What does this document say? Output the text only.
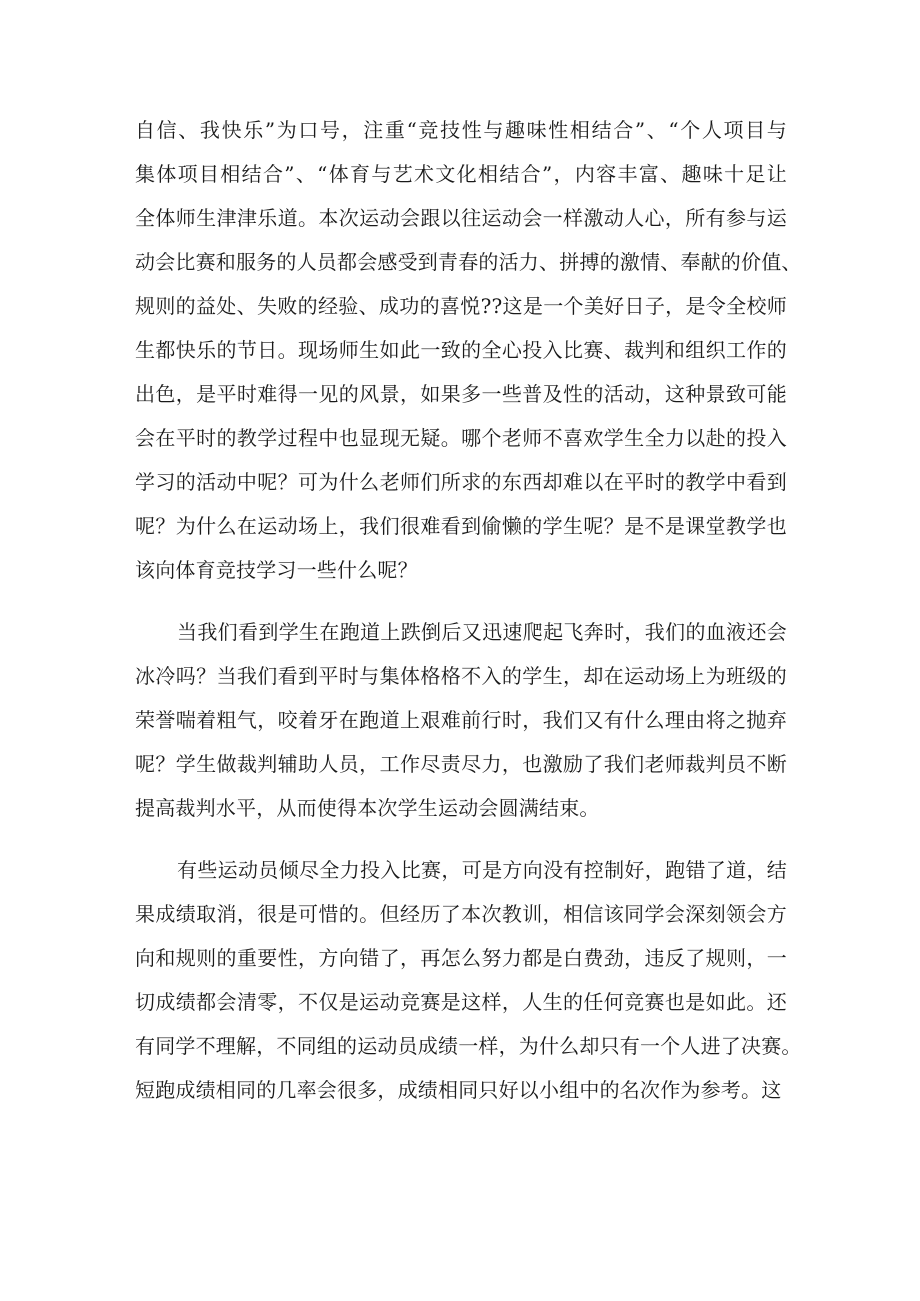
自信、我快乐”为口号，注重“竞技性与趣味性相结合”、“个人项目与
集体项目相结合”、“体育与艺术文化相结合”，内容丰富、趣味十足让
全体师生津津乐道。本次运动会跟以往运动会一样激动人心，所有参与运
动会比赛和服务的人员都会感受到青春的活力、拼搏的激情、奉献的价值、
规则的益处、失败的经验、成功的喜悦??这是一个美好日子，是令全校师
生都快乐的节日。现场师生如此一致的全心投入比赛、裁判和组织工作的
出色，是平时难得一见的风景，如果多一些普及性的活动，这种景致可能
会在平时的教学过程中也显现无疑。哪个老师不喜欢学生全力以赴的投入
学习的活动中呢？可为什么老师们所求的东西却难以在平时的教学中看到
呢？为什么在运动场上，我们很难看到偷懒的学生呢？是不是课堂教学也
该向体育竞技学习一些什么呢？
当我们看到学生在跑道上跌倒后又迅速爬起飞奔时，我们的血液还会
冰冷吗？当我们看到平时与集体格格不入的学生，却在运动场上为班级的
荣誉喘着粗气，咬着牙在跑道上艰难前行时，我们又有什么理由将之抛弃
呢？学生做裁判辅助人员，工作尽责尽力，也激励了我们老师裁判员不断
提高裁判水平，从而使得本次学生运动会圆满结束。
有些运动员倾尽全力投入比赛，可是方向没有控制好，跑错了道，结
果成绩取消，很是可惜的。但经历了本次教训，相信该同学会深刻领会方
向和规则的重要性，方向错了，再怎么努力都是白费劲，违反了规则，一
切成绩都会清零，不仅是运动竞赛是这样，人生的任何竞赛也是如此。还
有同学不理解，不同组的运动员成绩一样，为什么却只有一个人进了决赛。
短跑成绩相同的几率会很多，成绩相同只好以小组中的名次作为参考。这
